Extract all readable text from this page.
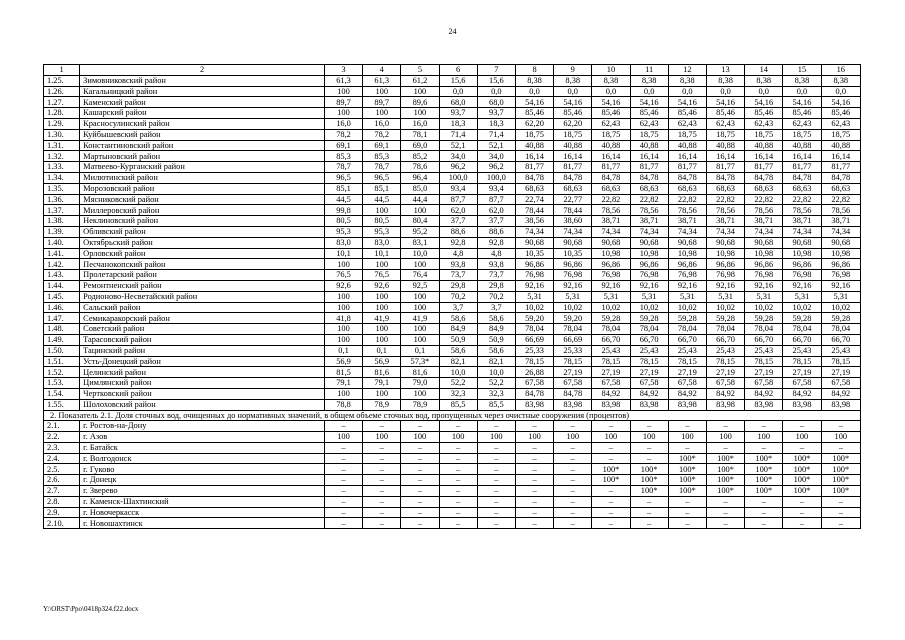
24
1	2	3	4	5	6	7	8	9	10	11	12	13	14	15	16
1.25.	Зимовниковский район	61,3	61,3	61,2	15,6	15,6	8,38	8,38	8,38	8,38	8,38	8,38	8,38	8,38	8,38
1.26.	Кагальницкий район	100	100	100	0,0	0,0	0,0	0,0	0,0	0,0	0,0	0,0	0,0	0,0	0,0
1.27.	Каменский район	89,7	89,7	89,6	68,0	68,0	54,16	54,16	54,16	54,16	54,16	54,16	54,16	54,16	54,16
1.28.	Кашарский район	100	100	100	93,7	93,7	85,46	85,46	85,46	85,46	85,46	85,46	85,46	85,46	85,46
1.29.	Красносулинский район	16,0	16,0	16,0	18,3	18,3	62,20	62,20	62,43	62,43	62,43	62,43	62,43	62,43	62,43
1.30.	Куйбышевский район	78,2	78,2	78,1	71,4	71,4	18,75	18,75	18,75	18,75	18,75	18,75	18,75	18,75	18,75
1.31.	Константиновский район	69,1	69,1	69,0	52,1	52,1	40,88	40,88	40,88	40,88	40,88	40,88	40,88	40,88	40,88
1.32.	Мартыновский район	85,3	85,3	85,2	34,0	34,0	16,14	16,14	16,14	16,14	16,14	16,14	16,14	16,14	16,14
1.33.	Матвеево-Курганский район	78,7	78,7	78,6	96,2	96,2	81,77	81,77	81,77	81,77	81,77	81,77	81,77	81,77	81,77
1.34.	Милютинский район	96,5	96,5	96,4	100,0	100,0	84,78	84,78	84,78	84,78	84,78	84,78	84,78	84,78	84,78
1.35.	Морозовский район	85,1	85,1	85,0	93,4	93,4	68,63	68,63	68,63	68,63	68,63	68,63	68,63	68,63	68,63
1.36.	Мясниковский район	44,5	44,5	44,4	87,7	87,7	22,74	22,77	22,82	22,82	22,82	22,82	22,82	22,82	22,82
1.37.	Миллеровский район	99,8	100	100	62,0	62,0	78,44	78,44	78,56	78,56	78,56	78,56	78,56	78,56	78,56
1.38.	Неклиновский район	80,5	80,5	80,4	37,7	37,7	38,56	38,60	38,71	38,71	38,71	38,71	38,71	38,71	38,71
1.39.	Обливский район	95,3	95,3	95,2	88,6	88,6	74,34	74,34	74,34	74,34	74,34	74,34	74,34	74,34	74,34
1.40.	Октябрьский район	83,0	83,0	83,1	92,8	92,8	90,68	90,68	90,68	90,68	90,68	90,68	90,68	90,68	90,68
1.41.	Орловский район	10,1	10,1	10,0	4,8	4,8	10,35	10,35	10,98	10,98	10,98	10,98	10,98	10,98	10,98
1.42.	Песчанокопский район	100	100	100	93,8	93,8	96,86	96,86	96,86	96,86	96,86	96,86	96,86	96,86	96,86
1.43.	Пролетарский район	76,5	76,5	76,4	73,7	73,7	76,98	76,98	76,98	76,98	76,98	76,98	76,98	76,98	76,98
1.44.	Ремонтненский район	92,6	92,6	92,5	29,8	29,8	92,16	92,16	92,16	92,16	92,16	92,16	92,16	92,16	92,16
1.45.	Родионово-Несветайский район	100	100	100	70,2	70,2	5,31	5,31	5,31	5,31	5,31	5,31	5,31	5,31	5,31
1.46.	Сальский район	100	100	100	3,7	3,7	10,02	10,02	10,02	10,02	10,02	10,02	10,02	10,02	10,02
1.47.	Семикаракорский район	41,8	41,9	41,9	58,6	58,6	59,20	59,20	59,28	59,28	59,28	59,28	59,28	59,28	59,28
1.48.	Советский район	100	100	100	84,9	84,9	78,04	78,04	78,04	78,04	78,04	78,04	78,04	78,04	78,04
1.49.	Тарасовский район	100	100	100	50,9	50,9	66,69	66,69	66,70	66,70	66,70	66,70	66,70	66,70	66,70
1.50.	Тацинский район	0,1	0,1	0,1	58,6	58,6	25,33	25,33	25,43	25,43	25,43	25,43	25,43	25,43	25,43
1.51.	Усть-Донецкий район	56,9	56,9	57,3*	82,1	82,1	78,15	78,15	78,15	78,15	78,15	78,15	78,15	78,15	78,15
1.52.	Целинский район	81,5	81,6	81,6	10,0	10,0	26,88	27,19	27,19	27,19	27,19	27,19	27,19	27,19	27,19
1.53.	Цимлянский район	79,1	79,1	79,0	52,2	52,2	67,58	67,58	67,58	67,58	67,58	67,58	67,58	67,58	67,58
1.54.	Чертковский район	100	100	100	32,3	32,3	84,78	84,78	84,92	84,92	84,92	84,92	84,92	84,92	84,92
1.55.	Шолоховский район	78,8	78,9	78,9	85,5	85,5	83,98	83,98	83,98	83,98	83,98	83,98	83,98	83,98	83,98
2. Показатель 2.1. Доля сточных вод, очищенных до нормативных значений, в общем объеме сточных вод, пропущенных через очистные сооружения (процентов)															
2.1.	г. Ростов-на-Дону	–	–	–	–	–	–	–	–	–	–	–	–	–	–
2.2.	г. Азов	100	100	100	100	100	100	100	100	100	100	100	100	100	100
2.3.	г. Батайск	–	–	–	–	–	–	–	–	–	–	–	–	–	–
2.4.	г. Волгодонск	–	–	–	–	–	–	–	–	–	100*	100*	100*	100*	100*
2.5.	г. Гуково	–	–	–	–	–	–	–	100*	100*	100*	100*	100*	100*	100*
2.6.	г. Донецк	–	–	–	–	–	–	–	100*	100*	100*	100*	100*	100*	100*
2.7.	г. Зверево	–	–	–	–	–	–	–	–	100*	100*	100*	100*	100*	100*
2.8.	г. Каменск-Шахтинский	–	–	–	–	–	–	–	–	–	–	–	–	–	–
2.9.	г. Новочеркасск	–	–	–	–	–	–	–	–	–	–	–	–	–	–
2.10.	г. Новошахтинск	–	–	–	–	–	–	–	–	–	–	–	–	–	–
Y:\ORST\Ppo\0418p324.f22.docx
